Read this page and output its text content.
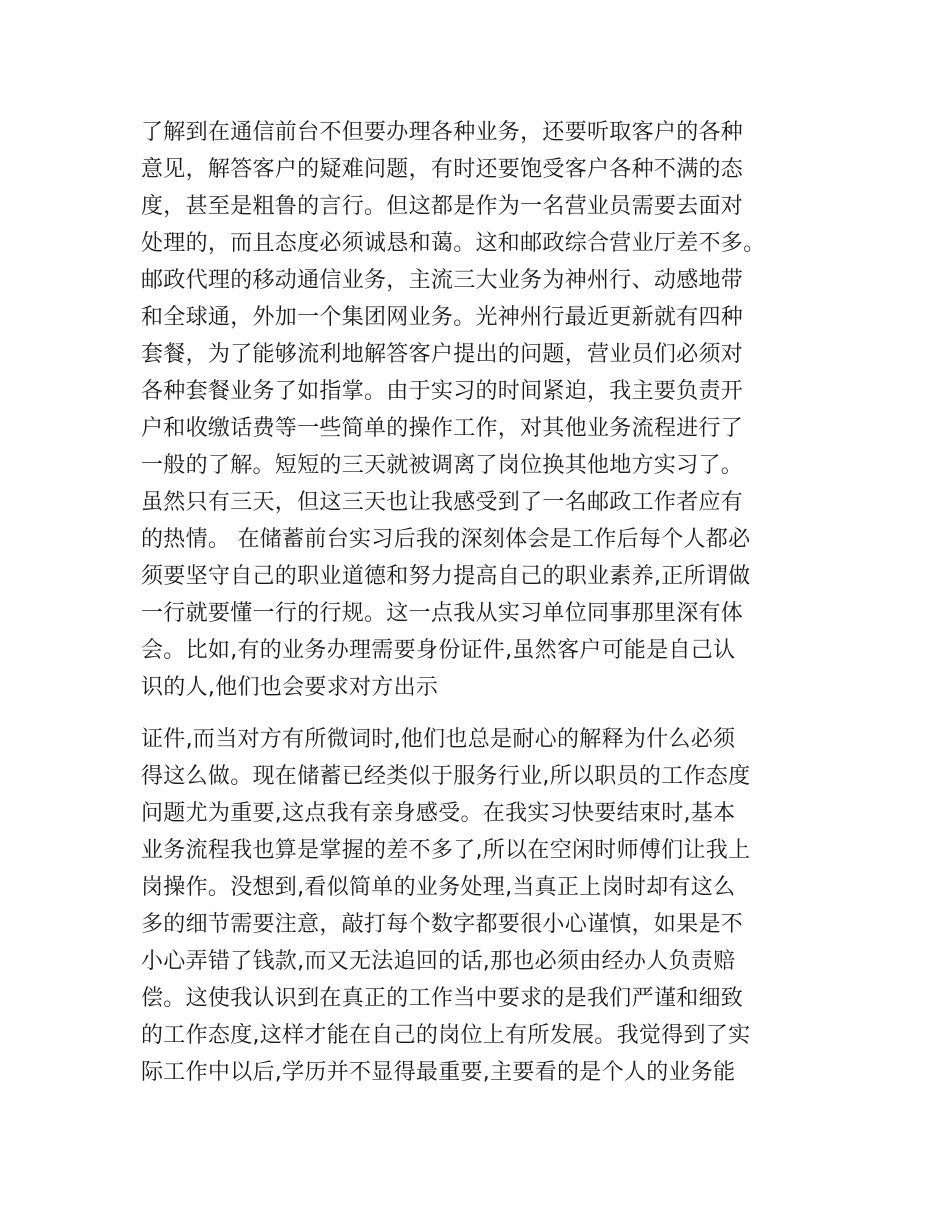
了解到在通信前台不但要办理各种业务，还要听取客户的各种
意见，解答客户的疑难问题，有时还要饱受客户各种不满的态
度，甚至是粗鲁的言行。但这都是作为一名营业员需要去面对
处理的，而且态度必须诚恳和蔼。这和邮政综合营业厅差不多。
邮政代理的移动通信业务，主流三大业务为神州行、动感地带
和全球通，外加一个集团网业务。光神州行最近更新就有四种
套餐，为了能够流利地解答客户提出的问题，营业员们必须对
各种套餐业务了如指掌。由于实习的时间紧迫，我主要负责开
户和收缴话费等一些简单的操作工作，对其他业务流程进行了
一般的了解。短短的三天就被调离了岗位换其他地方实习了。
虽然只有三天，但这三天也让我感受到了一名邮政工作者应有
的热情。 在储蓄前台实习后我的深刻体会是工作后每个人都必
须要坚守自己的职业道德和努力提高自己的职业素养,正所谓做
一行就要懂一行的行规。这一点我从实习单位同事那里深有体
会。比如,有的业务办理需要身份证件,虽然客户可能是自己认
识的人,他们也会要求对方出示
证件,而当对方有所微词时,他们也总是耐心的解释为什么必须
得这么做。现在储蓄已经类似于服务行业,所以职员的工作态度
问题尤为重要,这点我有亲身感受。在我实习快要结束时,基本
业务流程我也算是掌握的差不多了,所以在空闲时师傅们让我上
岗操作。没想到,看似简单的业务处理,当真正上岗时却有这么
多的细节需要注意，敲打每个数字都要很小心谨慎，如果是不
小心弄错了钱款,而又无法追回的话,那也必须由经办人负责赔
偿。这使我认识到在真正的工作当中要求的是我们严谨和细致
的工作态度,这样才能在自己的岗位上有所发展。我觉得到了实
际工作中以后,学历并不显得最重要,主要看的是个人的业务能
